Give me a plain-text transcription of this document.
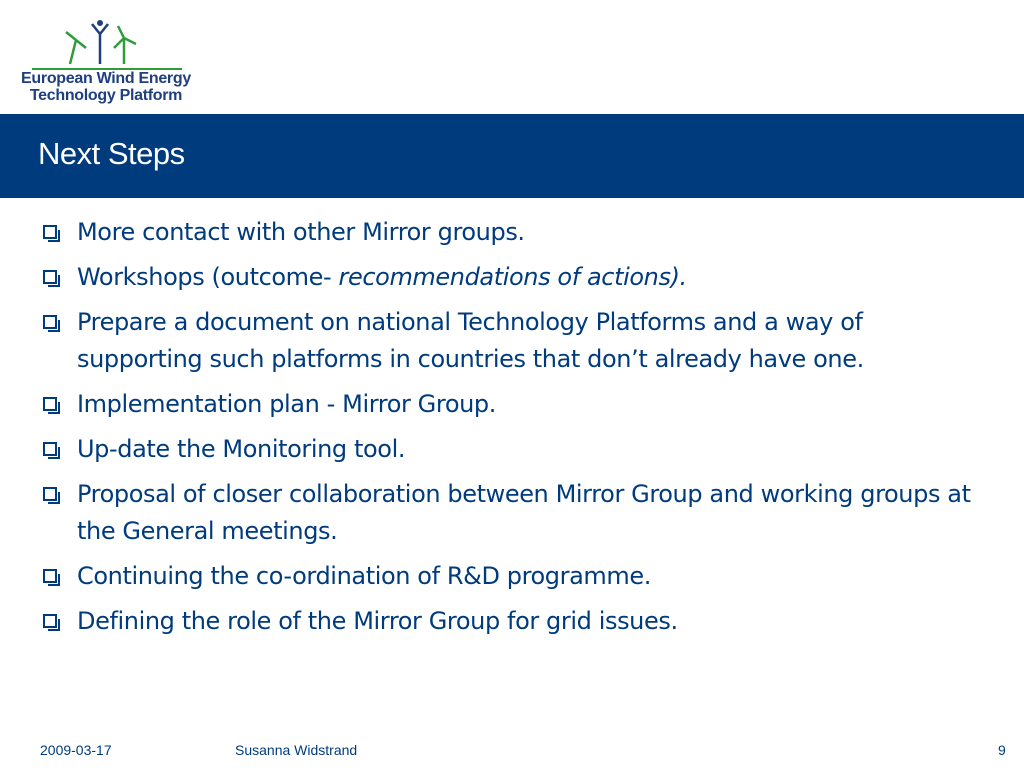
European Wind Energy
Technology Platform
Next Steps
More contact with other Mirror groups.
Workshops (outcome- recommendations of actions).
Prepare a document on national Technology Platforms and a way of supporting such platforms in countries that don’t already have one.
Implementation plan - Mirror Group.
Up-date the Monitoring tool.
Proposal of closer collaboration between Mirror Group and working groups at the General meetings.
Continuing the co-ordination of R&D programme.
Defining the role of the Mirror Group for grid issues.
2009-03-17	Susanna Widstrand	9
